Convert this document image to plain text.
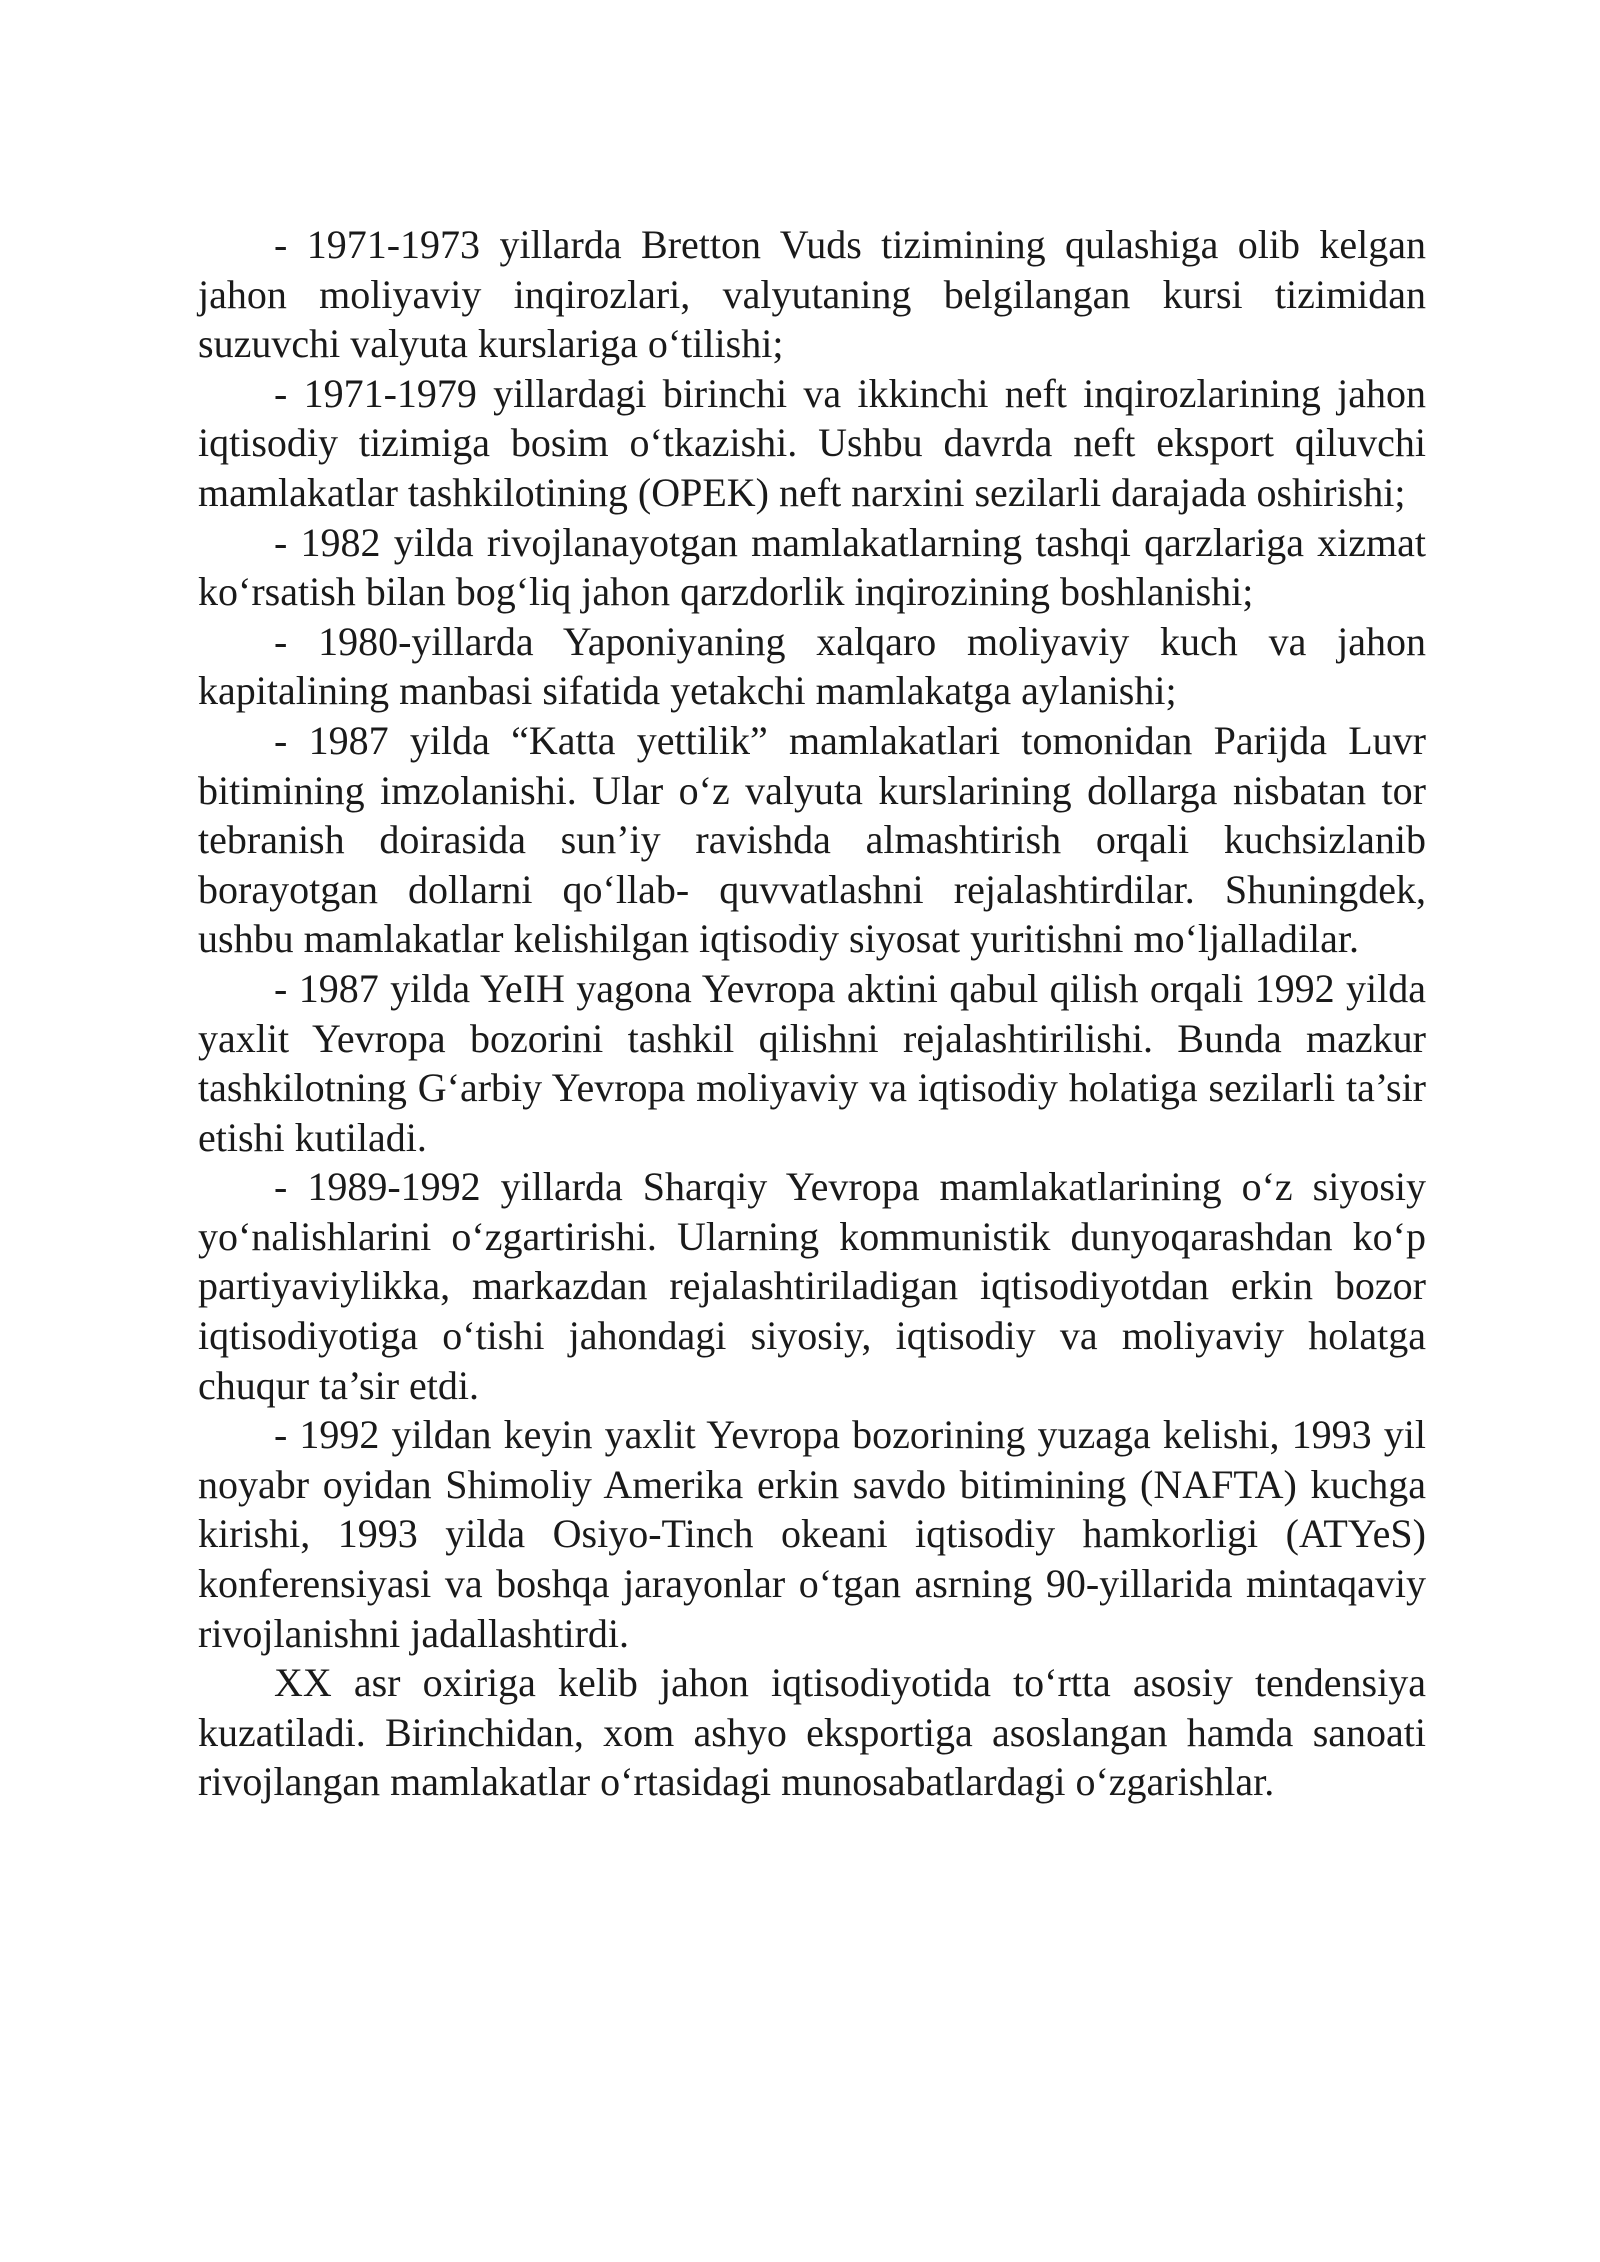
- 1971-1973 yillarda Bretton Vuds tizimining qulashiga olib kelgan jahon moliyaviy inqirozlari, valyutaning belgilangan kursi tizimidan suzuvchi valyuta kurslariga o‘tilishi;

- 1971-1979 yillardagi birinchi va ikkinchi neft inqirozlarining jahon iqtisodiy tizimiga bosim o‘tkazishi. Ushbu davrda neft eksport qiluvchi mamlakatlar tashkilotining (OPEK) neft narxini sezilarli darajada oshirishi;

- 1982 yilda rivojlanayotgan mamlakatlarning tashqi qarzlariga xizmat ko‘rsatish bilan bog‘liq jahon qarzdorlik inqirozining boshlanishi;

- 1980-yillarda Yaponiyaning xalqaro moliyaviy kuch va jahon kapitalining manbasi sifatida yetakchi mamlakatga aylanishi;

- 1987 yilda “Katta yettilik” mamlakatlari tomonidan Parijda Luvr bitimining imzolanishi. Ular o‘z valyuta kurslarining dollarga nisbatan tor tebranish doirasida sun’iy ravishda almashtirish orqali kuchsizlanib borayotgan dollarni qo‘llab- quvvatlashni rejalashtirdilar. Shuningdek, ushbu mamlakatlar kelishilgan iqtisodiy siyosat yuritishni mo‘ljalladilar.

- 1987 yilda YeIH yagona Yevropa aktini qabul qilish orqali 1992 yilda yaxlit Yevropa bozorini tashkil qilishni rejalashtirilishi. Bunda mazkur tashkilotning G‘arbiy Yevropa moliyaviy va iqtisodiy holatiga sezilarli ta’sir etishi kutiladi.

- 1989-1992 yillarda Sharqiy Yevropa mamlakatlarining o‘z siyosiy yo‘nalishlarini o‘zgartirishi. Ularning kommunistik dunyoqarashdan ko‘p partiyaviylikka, markazdan rejalashtiriladigan iqtisodiyotdan erkin bozor iqtisodiyotiga o‘tishi jahondagi siyosiy, iqtisodiy va moliyaviy holatga chuqur ta’sir etdi.

- 1992 yildan keyin yaxlit Yevropa bozorining yuzaga kelishi, 1993 yil noyabr oyidan Shimoliy Amerika erkin savdo bitimining (NAFTA) kuchga kirishi, 1993 yilda Osiyo-Tinch okeani iqtisodiy hamkorligi (ATYeS) konferensiyasi va boshqa jarayonlar o‘tgan asrning 90-yillarida mintaqaviy rivojlanishni jadallashtirdi.

XX asr oxiriga kelib jahon iqtisodiyotida to‘rtta asosiy tendensiya kuzatiladi. Birinchidan, xom ashyo eksportiga asoslangan hamda sanoati rivojlangan mamlakatlar o‘rtasidagi munosabatlardagi o‘zgarishlar.
